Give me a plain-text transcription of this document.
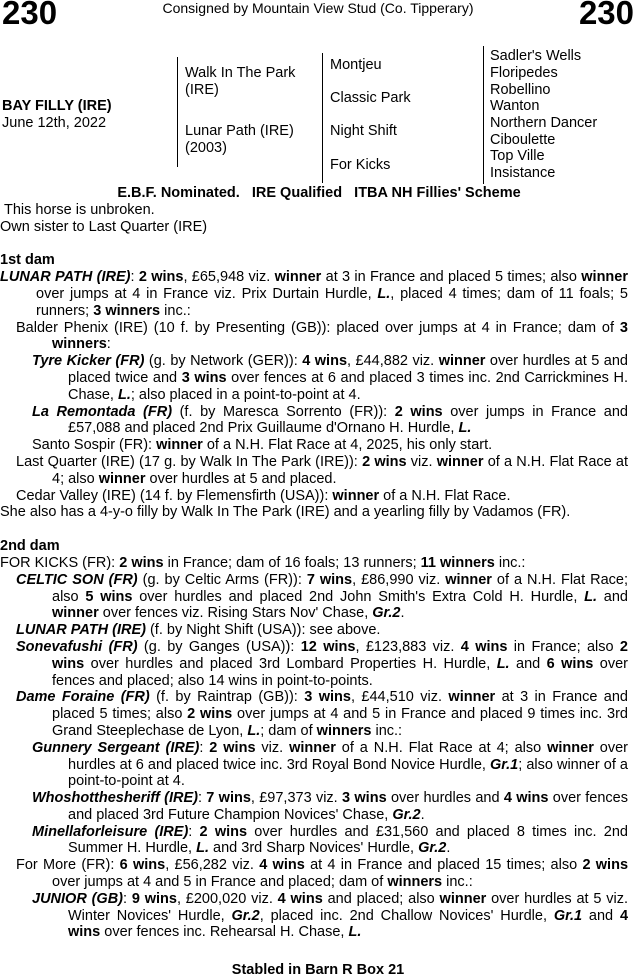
230	Consigned by Mountain View Stud (Co. Tipperary)	230
BAY FILLY (IRE)
June 12th, 2022
Walk In The Park (IRE)
Lunar Path (IRE) (2003)
Montjeu
Classic Park
Night Shift
For Kicks
Sadler's Wells
Floripedes
Robellino
Wanton
Northern Dancer
Ciboulette
Top Ville
Insistance
E.B.F. Nominated.   IRE Qualified   ITBA NH Fillies' Scheme
This horse is unbroken.
Own sister to Last Quarter (IRE)
1st dam
LUNAR PATH (IRE): 2 wins, £65,948 viz. winner at 3 in France and placed 5 times; also winner over jumps at 4 in France viz. Prix Durtain Hurdle, L., placed 4 times; dam of 11 foals; 5 runners; 3 winners inc.:
Balder Phenix (IRE) (10 f. by Presenting (GB)): placed over jumps at 4 in France; dam of 3 winners:
Tyre Kicker (FR) (g. by Network (GER)): 4 wins, £44,882 viz. winner over hurdles at 5 and placed twice and 3 wins over fences at 6 and placed 3 times inc. 2nd Carrickmines H. Chase, L.; also placed in a point-to-point at 4.
La Remontada (FR) (f. by Maresca Sorrento (FR)): 2 wins over jumps in France and £57,088 and placed 2nd Prix Guillaume d'Ornano H. Hurdle, L.
Santo Sospir (FR): winner of a N.H. Flat Race at 4, 2025, his only start.
Last Quarter (IRE) (17 g. by Walk In The Park (IRE)): 2 wins viz. winner of a N.H. Flat Race at 4; also winner over hurdles at 5 and placed.
Cedar Valley (IRE) (14 f. by Flemensfirth (USA)): winner of a N.H. Flat Race.
She also has a 4-y-o filly by Walk In The Park (IRE) and a yearling filly by Vadamos (FR).
2nd dam
FOR KICKS (FR): 2 wins in France; dam of 16 foals; 13 runners; 11 winners inc.:
CELTIC SON (FR) (g. by Celtic Arms (FR)): 7 wins, £86,990 viz. winner of a N.H. Flat Race; also 5 wins over hurdles and placed 2nd John Smith's Extra Cold H. Hurdle, L. and winner over fences viz. Rising Stars Nov' Chase, Gr.2.
LUNAR PATH (IRE) (f. by Night Shift (USA)): see above.
Sonevafushi (FR) (g. by Ganges (USA)): 12 wins, £123,883 viz. 4 wins in France; also 2 wins over hurdles and placed 3rd Lombard Properties H. Hurdle, L. and 6 wins over fences and placed; also 14 wins in point-to-points.
Dame Foraine (FR) (f. by Raintrap (GB)): 3 wins, £44,510 viz. winner at 3 in France and placed 5 times; also 2 wins over jumps at 4 and 5 in France and placed 9 times inc. 3rd Grand Steeplechase de Lyon, L.; dam of winners inc.:
Gunnery Sergeant (IRE): 2 wins viz. winner of a N.H. Flat Race at 4; also winner over hurdles at 6 and placed twice inc. 3rd Royal Bond Novice Hurdle, Gr.1; also winner of a point-to-point at 4.
Whoshotthesheriff (IRE): 7 wins, £97,373 viz. 3 wins over hurdles and 4 wins over fences and placed 3rd Future Champion Novices' Chase, Gr.2.
Minellaforleisure (IRE): 2 wins over hurdles and £31,560 and placed 8 times inc. 2nd Summer H. Hurdle, L. and 3rd Sharp Novices' Hurdle, Gr.2.
For More (FR): 6 wins, £56,282 viz. 4 wins at 4 in France and placed 15 times; also 2 wins over jumps at 4 and 5 in France and placed; dam of winners inc.:
JUNIOR (GB): 9 wins, £200,020 viz. 4 wins and placed; also winner over hurdles at 5 viz. Winter Novices' Hurdle, Gr.2, placed inc. 2nd Challow Novices' Hurdle, Gr.1 and 4 wins over fences inc. Rehearsal H. Chase, L.
Stabled in Barn R Box 21
